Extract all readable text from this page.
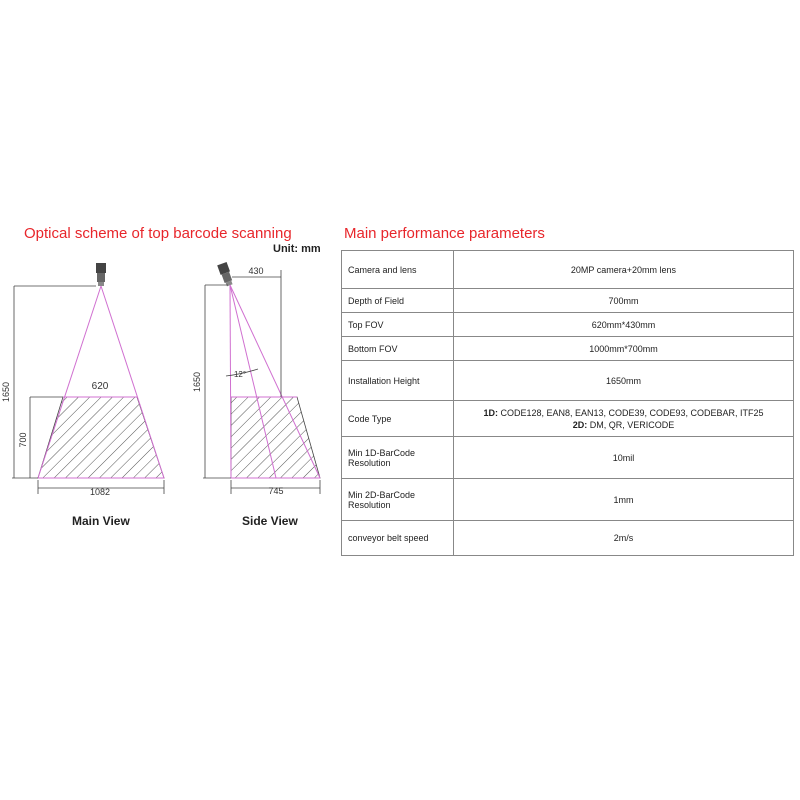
Optical scheme of top barcode scanning
Unit: mm
Main performance parameters
620
1650
700
1082
430
1650	12°
745
Main View	Side View
Camera and lens	20MP camera+20mm lens
Depth of Field	700mm
Top FOV	620mm*430mm
Bottom FOV	1000mm*700mm
Installation Height	1650mm
Code Type	1D: CODE128, EAN8, EAN13, CODE39, CODE93, CODEBAR, ITF25
2D: DM, QR, VERICODE

Min 1D-BarCode Resolution	10mil
Min 2D-BarCode Resolution	1mm
conveyor belt speed	2m/s
